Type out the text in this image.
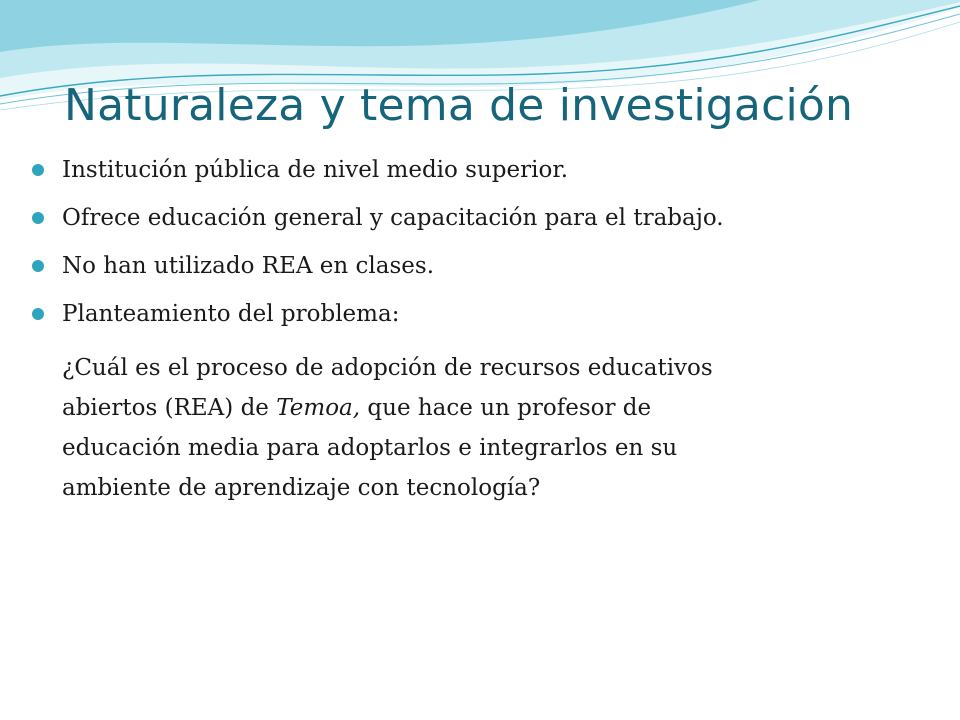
Naturaleza y tema de investigación
Institución pública de nivel medio superior.
Ofrece educación general y capacitación para el trabajo.
No han utilizado REA en clases.
Planteamiento del problema:

¿Cuál es el proceso de adopción de recursos educativos
abiertos (REA) de Temoa, que hace un profesor de
educación media para adoptarlos e integrarlos en su
ambiente de aprendizaje con tecnología?
